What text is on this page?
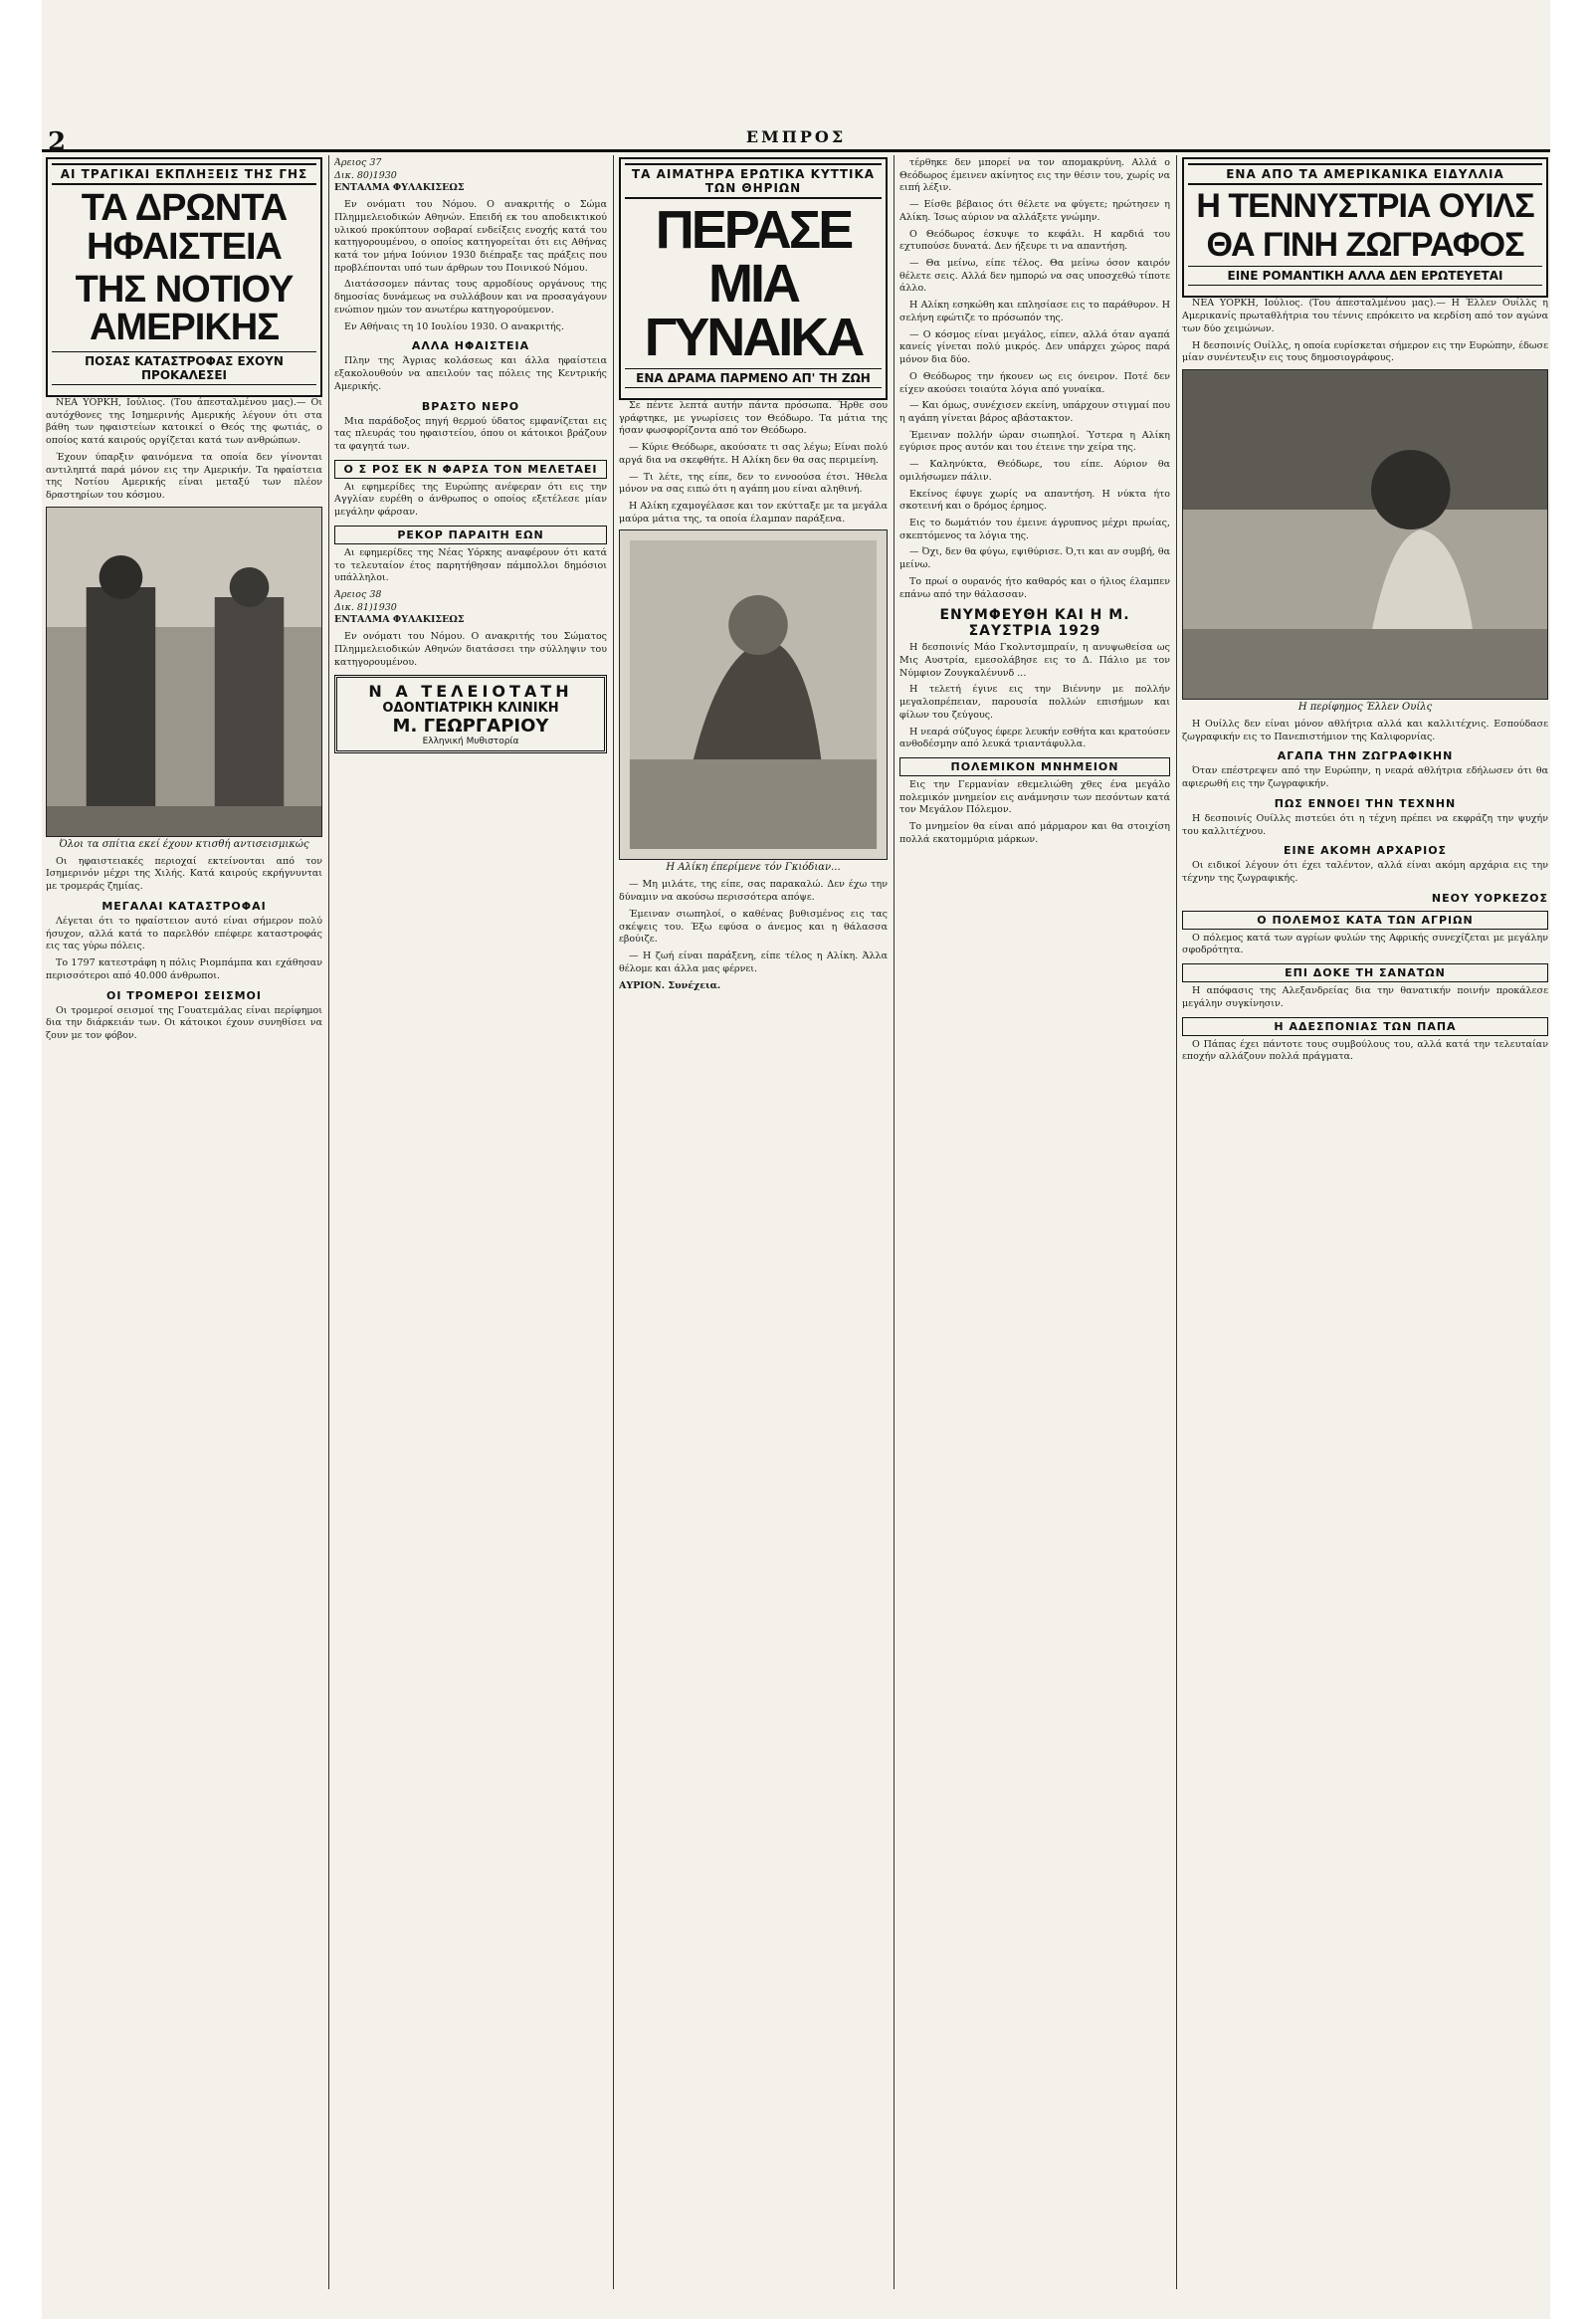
2	ΕΜΠΡΟΣ
ΑΙ ΤΡΑΓΙΚΑΙ ΕΚΠΛΗΞΕΙΣ ΤΗΣ ΓΗΣ
ΤΑ ΔΡΩΝΤΑ ΗΦΑΙΣΤΕΙΑ
ΤΗΣ ΝΟΤΙΟΥ ΑΜΕΡΙΚΗΣ
ΠΟΣΑΣ ΚΑΤΑΣΤΡΟΦΑΣ ΕΧΟΥΝ ΠΡΟΚΑΛΕΣΕΙ

ΝΕΑ ΥΟΡΚΗ, Ιούλιος. (Του άπεσταλμένου μας).— Οι αυτόχθονες της Ισημερινής Αμερικής λέγουν ότι στα βάθη των ηφαιστείων κατοικεί ο Θεός της φωτιάς, ο οποίος κατά καιρούς οργίζεται κατά των ανθρώπων.

Έχουν ύπαρξιν φαινόμενα τα οποία δεν γίνονται αντιληπτά παρά μόνον εις την Αμερικήν. Τα ηφαίστεια της Νοτίου Αμερικής είναι μεταξύ των πλέον δραστηρίων του κόσμου.

Όλοι τα σπίτια εκεί έχουν κτισθή αντισεισμικώς

Οι ηφαιστειακές περιοχαί εκτείνονται από τον Ισημερινόν μέχρι της Χιλής. Κατά καιρούς εκρήγνυνται με τρομεράς ζημίας.

ΜΕΓΑΛΑΙ ΚΑΤΑΣΤΡΟΦΑΙ

Λέγεται ότι το ηφαίστειον αυτό είναι σήμερον πολύ ήσυχον, αλλά κατά το παρελθόν επέφερε καταστροφάς εις τας γύρω πόλεις.

Το 1797 κατεστράφη η πόλις Ριομπάμπα και εχάθησαν περισσότεροι από 40.000 άνθρωποι.

ΟΙ ΤΡΟΜΕΡΟΙ ΣΕΙΣΜΟΙ

Οι τρομεροί σεισμοί της Γουατεμάλας είναι περίφημοι δια την διάρκειάν των. Οι κάτοικοι έχουν συνηθίσει να ζουν με τον φόβον.

Άρειος 37

Δικ. 80)1930

ΕΝΤΑΛΜΑ ΦΥΛΑΚΙΣΕΩΣ

Εν ονόματι του Νόμου. Ο ανακριτής ο Σώμα Πλημμελειοδικών Αθηνών. Επειδή εκ του αποδεικτικού υλικού προκύπτουν σοβαραί ενδείξεις ενοχής κατά του κατηγορουμένου, ο οποίος κατηγορείται ότι εις Αθήνας κατά τον μήνα Ιούνιον 1930 διέπραξε τας πράξεις που προβλέπονται υπό των άρθρων του Ποινικού Νόμου.

Διατάσσομεν πάντας τους αρμοδίους οργάνους της δημοσίας δυνάμεως να συλλάβουν και να προσαγάγουν ενώπιον ημών τον ανωτέρω κατηγορούμενον.

Εν Αθήναις τη 10 Ιουλίου 1930. Ο ανακριτής.

ΑΛΛΑ ΗΦΑΙΣΤΕΙΑ

Πλην της Άγριας κολάσεως και άλλα ηφαίστεια εξακολουθούν να απειλούν τας πόλεις της Κεντρικής Αμερικής.

ΒΡΑΣΤΟ ΝΕΡΟ

Μια παράδοξος πηγή θερμού ύδατος εμφανίζεται εις τας πλευράς του ηφαιστείου, όπου οι κάτοικοι βράζουν τα φαγητά των.

Ο Σ ΡΟΣ ΕΚ Ν ΦΑΡΣΑ ΤΟΝ ΜΕΛΕΤΑΕΙ

Αι εφημερίδες της Ευρώπης ανέφεραν ότι εις την Αγγλίαν ευρέθη ο άνθρωπος ο οποίος εξετέλεσε μίαν μεγάλην φάρσαν.

ΡΕΚΟΡ ΠΑΡΑΙΤΗ ΕΩΝ

Αι εφημερίδες της Νέας Υόρκης αναφέρουν ότι κατά το τελευταίον έτος παρητήθησαν πάμπολλοι δημόσιοι υπάλληλοι.

Άρειος 38

Δικ. 81)1930

ΕΝΤΑΛΜΑ ΦΥΛΑΚΙΣΕΩΣ

Εν ονόματι του Νόμου. Ο ανακριτής του Σώματος Πλημμελειοδικών Αθηνών διατάσσει την σύλληψιν του κατηγορουμένου.

Ν Α ΤΕΛΕΙΟΤΑΤΗ
ΟΔΟΝΤΙΑΤΡΙΚΗ ΚΛΙΝΙΚΗ
Μ. ΓΕΩΡΓΑΡΙΟΥ
Ελληνική Μυθιστορία
ΤΑ ΑΙΜΑΤΗΡΑ ΕΡΩΤΙΚΑ ΚΥΤΤΙΚΑ ΤΩΝ ΘΗΡΙΩΝ
ΠΕΡΑΣΕ ΜΙΑ ΓΥΝΑΙΚΑ
ΕΝΑ ΔΡΑΜΑ ΠΑΡΜΕΝΟ ΑΠ' ΤΗ ΖΩΗ

Σε πέντε λεπτά αυτήν πάντα πρόσωπα. Ήρθε σου γράφτηκε, με γνωρίσεις τον Θεόδωρο. Τα μάτια της ήσαν φωσφορίζοντα από τον Θεόδωρο.

— Κύριε Θεόδωρε, ακούσατε τι σας λέγω; Είναι πολύ αργά δια να σκεφθήτε. Η Αλίκη δεν θα σας περιμείνη.

— Τι λέτε, της είπε, δεν το εννοούσα έτσι. Ήθελα μόνον να σας ειπώ ότι η αγάπη μου είναι αληθινή.

Η Αλίκη εχαμογέλασε και τον εκύτταξε με τα μεγάλα μαύρα μάτια της, τα οποία έλαμπαν παράξενα.

Η Αλίκη έπερίμενε τόν Γκιόδιαν...

— Μη μιλάτε, της είπε, σας παρακαλώ. Δεν έχω την δύναμιν να ακούσω περισσότερα απόψε.

Έμειναν σιωπηλοί, ο καθένας βυθισμένος εις τας σκέψεις του. Έξω εφύσα ο άνεμος και η θάλασσα εβούιζε.

— Η ζωή είναι παράξενη, είπε τέλος η Αλίκη. Άλλα θέλομε και άλλα μας φέρνει.

ΑΥΡΙΟΝ. Συνέχεια.

τέρθηκε δεν μπορεί να τον απομακρύνη. Αλλά ο Θεόδωρος έμεινεν ακίνητος εις την θέσιν του, χωρίς να ειπή λέξιν.

— Είσθε βέβαιος ότι θέλετε να φύγετε; ηρώτησεν η Αλίκη. Ίσως αύριον να αλλάξετε γνώμην.

Ο Θεόδωρος έσκυψε το κεφάλι. Η καρδιά του εχτυπούσε δυνατά. Δεν ήξευρε τι να απαντήση.

— Θα μείνω, είπε τέλος. Θα μείνω όσον καιρόν θέλετε σεις. Αλλά δεν ημπορώ να σας υποσχεθώ τίποτε άλλο.

Η Αλίκη εσηκώθη και επλησίασε εις το παράθυρον. Η σελήνη εφώτιζε το πρόσωπόν της.

— Ο κόσμος είναι μεγάλος, είπεν, αλλά όταν αγαπά κανείς γίνεται πολύ μικρός. Δεν υπάρχει χώρος παρά μόνον δια δύο.

Ο Θεόδωρος την ήκουεν ως εις όνειρον. Ποτέ δεν είχεν ακούσει τοιαύτα λόγια από γυναίκα.

— Και όμως, συνέχισεν εκείνη, υπάρχουν στιγμαί που η αγάπη γίνεται βάρος αβάστακτον.

Έμειναν πολλήν ώραν σιωπηλοί. Ύστερα η Αλίκη εγύρισε προς αυτόν και του έτεινε την χείρα της.

— Καληνύκτα, Θεόδωρε, του είπε. Αύριον θα ομιλήσωμεν πάλιν.

Εκείνος έφυγε χωρίς να απαντήση. Η νύκτα ήτο σκοτεινή και ο δρόμος έρημος.

Εις το δωμάτιόν του έμεινε άγρυπνος μέχρι πρωίας, σκεπτόμενος τα λόγια της.

— Όχι, δεν θα φύγω, εψιθύρισε. Ό,τι και αν συμβή, θα μείνω.

Το πρωί ο ουρανός ήτο καθαρός και ο ήλιος έλαμπεν επάνω από την θάλασσαν.

ΕΝΥΜΦΕΥΘΗ ΚΑΙ Η Μ. ΣΑΥΣΤΡΙΑ 1929

Η δεσποινίς Μάο Γκολντσμπραίν, η ανυψωθείσα ως Μις Αυστρία, εμεσολάβησε εις το Δ. Πάλιο με τον Νύμφιον Ζουγκαλένυνδ ...

Η τελετή έγινε εις την Βιέννην με πολλήν μεγαλοπρέπειαν, παρουσία πολλών επισήμων και φίλων του ζεύγους.

Η νεαρά σύζυγος έφερε λευκήν εσθήτα και κρατούσεν ανθοδέσμην από λευκά τριαντάφυλλα.

ΠΟΛΕΜΙΚΟΝ ΜΝΗΜΕΙΟΝ

Εις την Γερμανίαν εθεμελιώθη χθες ένα μεγάλο πολεμικόν μνημείον εις ανάμνησιν των πεσόντων κατά τον Μεγάλον Πόλεμον.

Το μνημείον θα είναι από μάρμαρον και θα στοιχίση πολλά εκατομμύρια μάρκων.

ΕΝΑ ΑΠΟ ΤΑ ΑΜΕΡΙΚΑΝΙΚΑ ΕΙΔΥΛΛΙΑ
Η ΤΕΝΝΥΣΤΡΙΑ ΟΥΙΛΣ
ΘΑ ΓΙΝΗ ΖΩΓΡΑΦΟΣ
ΕΙΝΕ ΡΟΜΑΝΤΙΚΗ ΑΛΛΑ ΔΕΝ ΕΡΩΤΕΥΕΤΑΙ

ΝΕΑ ΥΟΡΚΗ, Ιούλιος. (Του άπεσταλμένου μας).— Η Έλλεν Ουίλλς η Αμερικανίς πρωταθλήτρια του τέννις επρόκειτο να κερδίση από τον αγώνα των δύο χειμώνων.

Η δεσποινίς Ουίλλς, η οποία ευρίσκεται σήμερον εις την Ευρώπην, έδωσε μίαν συνέντευξιν εις τους δημοσιογράφους.

Η περίφημος Έλλεν Ουίλς

Η Ουίλλς δεν είναι μόνον αθλήτρια αλλά και καλλιτέχνις. Εσπούδασε ζωγραφικήν εις το Πανεπιστήμιον της Καλιφορνίας.

ΑΓΑΠΑ ΤΗΝ ΖΩΓΡΑΦΙΚΗΝ

Όταν επέστρεψεν από την Ευρώπην, η νεαρά αθλήτρια εδήλωσεν ότι θα αφιερωθή εις την ζωγραφικήν.

ΠΩΣ ΕΝΝΟΕΙ ΤΗΝ ΤΕΧΝΗΝ

Η δεσποινίς Ουίλλς πιστεύει ότι η τέχνη πρέπει να εκφράζη την ψυχήν του καλλιτέχνου.

ΕΙΝΕ ΑΚΟΜΗ ΑΡΧΑΡΙΟΣ

Οι ειδικοί λέγουν ότι έχει ταλέντον, αλλά είναι ακόμη αρχάρια εις την τέχνην της ζωγραφικής.

ΝΕΟΥ ΥΟΡΚΕΖΟΣ
Ο ΠΟΛΕΜΟΣ ΚΑΤΑ ΤΩΝ ΑΓΡΙΩΝ

Ο πόλεμος κατά των αγρίων φυλών της Αφρικής συνεχίζεται με μεγάλην σφοδρότητα.

ΕΠΙ ΔΟΚΕ ΤΗ ΣΑΝΑΤΩΝ

Η απόφασις της Αλεξανδρείας δια την θανατικήν ποινήν προκάλεσε μεγάλην συγκίνησιν.

Η ΑΔΕΣΠΟΝΙΑΣ ΤΩΝ ΠΑΠΑ

Ο Πάπας έχει πάντοτε τους συμβούλους του, αλλά κατά την τελευταίαν εποχήν αλλάζουν πολλά πράγματα.
